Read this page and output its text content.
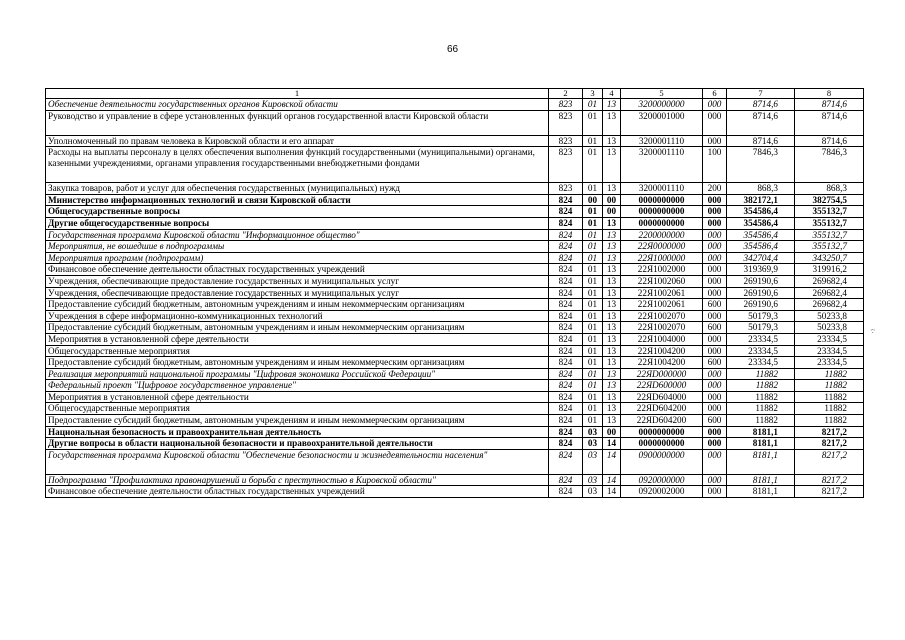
66
1	2	3	4	5	6	7	8
Обеспечение деятельности государственных органов Кировской области	823	01	13	3200000000	000	8714,6	8714,6
Руководство и управление в сфере установленных функций органов государственной власти Кировской области	823	01	13	3200001000	000	8714,6	8714,6
Уполномоченный по правам человека в Кировской области и его аппарат	823	01	13	3200001110	000	8714,6	8714,6
Расходы на выплаты персоналу в целях обеспечения выполнения функций государственными (муниципальными) органами, казенными учреждениями, органами управления государственными внебюджетными фондами	823	01	13	3200001110	100	7846,3	7846,3
Закупка товаров, работ и услуг для обеспечения государственных (муниципальных) нужд	823	01	13	3200001110	200	868,3	868,3
Министерство информационных технологий и связи Кировской области	824	00	00	0000000000	000	382172,1	382754,5
Общегосударственные вопросы	824	01	00	0000000000	000	354586,4	355132,7
Другие общегосударственные вопросы	824	01	13	0000000000	000	354586,4	355132,7
Государственная программа Кировской области "Информационное общество"	824	01	13	2200000000	000	354586,4	355132,7
Мероприятия, не вошедшие в подпрограммы	824	01	13	22Я0000000	000	354586,4	355132,7
Мероприятия программ (подпрограмм)	824	01	13	22Я1000000	000	342704,4	343250,7
Финансовое обеспечение деятельности областных государственных учреждений	824	01	13	22Я1002000	000	319369,9	319916,2
Учреждения, обеспечивающие предоставление государственных и муниципальных услуг	824	01	13	22Я1002060	000	269190,6	269682,4
Учреждения, обеспечивающие предоставление государственных и муниципальных услуг	824	01	13	22Я1002061	000	269190,6	269682,4
Предоставление субсидий бюджетным, автономным учреждениям и иным некоммерческим организациям	824	01	13	22Я1002061	600	269190,6	269682,4
Учреждения в сфере информационно-коммуникационных технологий	824	01	13	22Я1002070	000	50179,3	50233,8
Предоставление субсидий бюджетным, автономным учреждениям и иным некоммерческим организациям	824	01	13	22Я1002070	600	50179,3	50233,8
Мероприятия в установленной сфере деятельности	824	01	13	22Я1004000	000	23334,5	23334,5
Общегосударственные мероприятия	824	01	13	22Я1004200	000	23334,5	23334,5
Предоставление субсидий бюджетным, автономным учреждениям и иным некоммерческим организациям	824	01	13	22Я1004200	600	23334,5	23334,5
Реализация мероприятий национальной программы "Цифровая экономика Российской Федерации"	824	01	13	22ЯD000000	000	11882	11882
Федеральный проект "Цифровое государственное управление"	824	01	13	22ЯD600000	000	11882	11882
Мероприятия в установленной сфере деятельности	824	01	13	22ЯD604000	000	11882	11882
Общегосударственные мероприятия	824	01	13	22ЯD604200	000	11882	11882
Предоставление субсидий бюджетным, автономным учреждениям и иным некоммерческим организациям	824	01	13	22ЯD604200	600	11882	11882
Национальная безопасность и правоохранительная деятельность	824	03	00	0000000000	000	8181,1	8217,2
Другие вопросы в области национальной безопасности и правоохранительной деятельности	824	03	14	0000000000	000	8181,1	8217,2
Государственная программа Кировской области "Обеспечение безопасности и жизнедеятельности населения"	824	03	14	0900000000	000	8181,1	8217,2
Подпрограмма "Профилактика правонарушений и борьба с преступностью в Кировской области"	824	03	14	0920000000	000	8181,1	8217,2
Финансовое обеспечение деятельности областных государственных учреждений	824	03	14	0920002000	000	8181,1	8217,2
·:·
